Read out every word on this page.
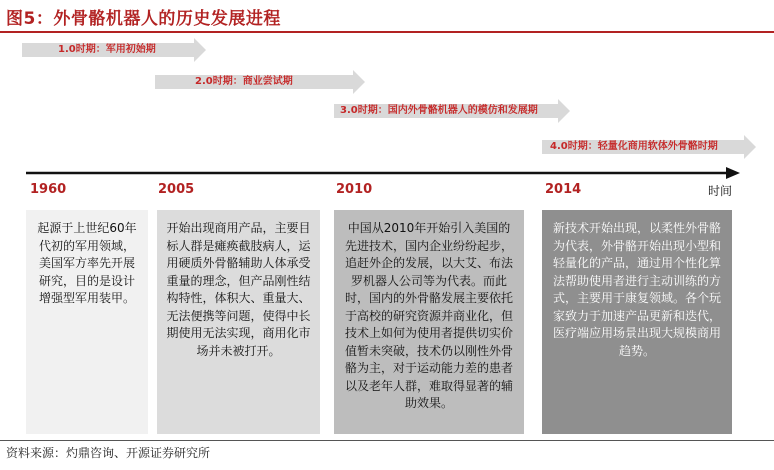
图5：外骨骼机器人的历史发展进程
1.0时期：军用初始期
2.0时期：商业尝试期
3.0时期：国内外骨骼机器人的模仿和发展期
4.0时期：轻量化商用软体外骨骼时期
1960	2005	2010	2014	时间
起源于上世纪60年代初的军用领域，美国军方率先开展研究，目的是设计增强型军用装甲。
开始出现商用产品，主要目标人群是瘫痪截肢病人，运用硬质外骨骼辅助人体承受重量的理念，但产品刚性结构特性，体积大、重量大、无法便携等问题，使得中长期使用无法实现，商用化市场并未被打开。
中国从2010年开始引入美国的先进技术，国内企业纷纷起步，追赶外企的发展，以大艾、布法罗机器人公司等为代表。而此时，国内的外骨骼发展主要依托于高校的研究资源并商业化，但技术上如何为使用者提供切实价值暂未突破，技术仍以刚性外骨骼为主，对于运动能力差的患者以及老年人群，难取得显著的辅助效果。
新技术开始出现，以柔性外骨骼为代表，外骨骼开始出现小型和轻量化的产品，通过用个性化算法帮助使用者进行主动训练的方式，主要用于康复领域。各个玩家致力于加速产品更新和迭代，医疗端应用场景出现大规模商用趋势。
资料来源：灼鼎咨询、开源证券研究所
